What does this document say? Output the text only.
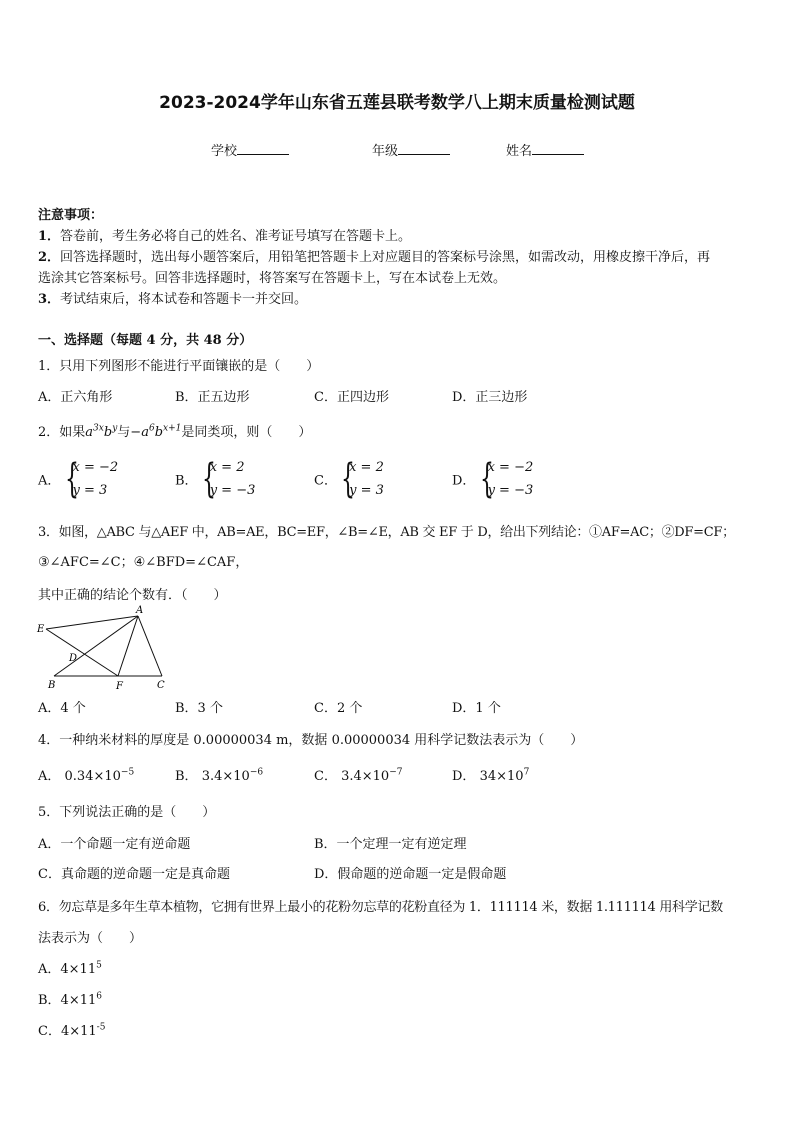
2023-2024学年山东省五莲县联考数学八上期末质量检测试题
学校	年级	姓名
注意事项：
1．答卷前，考生务必将自己的姓名、准考证号填写在答题卡上。
2．回答选择题时，选出每小题答案后，用铅笔把答题卡上对应题目的答案标号涂黑，如需改动，用橡皮擦干净后，再
选涂其它答案标号。回答非选择题时，将答案写在答题卡上，写在本试卷上无效。
3．考试结束后，将本试卷和答题卡一并交回。
一、选择题（每题 4 分，共 48 分）
1．只用下列图形不能进行平面镶嵌的是（　　）
A．正六角形	B．正五边形	C．正四边形	D．正三边形
2．如果$a^{3x}b^y$与$-a^6b^{x+1}$是同类项，则（　　）
A． {
x = −2
y = 3
B． {
x = 2
y = −3
C． {
x = 2
y = 3
D． {
x = −2
y = −3
3．如图，△ABC 与△AEF 中，AB=AE，BC=EF，∠B=∠E，AB 交 EF 于 D，给出下列结论：①AF=AC；②DF=CF；
③∠AFC=∠C；④∠BFD=∠CAF，
其中正确的结论个数有．（　　）
A
E
D
B	F	C
A．4 个	B．3 个	C．2 个	D．1 个
4．一种纳米材料的厚度是 0.00000034 m，数据 0.00000034 用科学记数法表示为（　　）
A． $0.34\times 10^{-5}$	B． $3.4\times 10^{-6}$	C． $3.4\times 10^{-7}$	D． $34\times 10^7$
5．下列说法正确的是（　　）
A．一个命题一定有逆命题	B．一个定理一定有逆定理
C．真命题的逆命题一定是真命题	D．假命题的逆命题一定是假命题
6．勿忘草是多年生草本植物，它拥有世界上最小的花粉勿忘草的花粉直径为 1．111114 米，数据 1.111114 用科学记数
法表示为（　　）
A．$4\times 11^5$
B．$4\times 11^6$
C．$4\times 11^{-5}$
